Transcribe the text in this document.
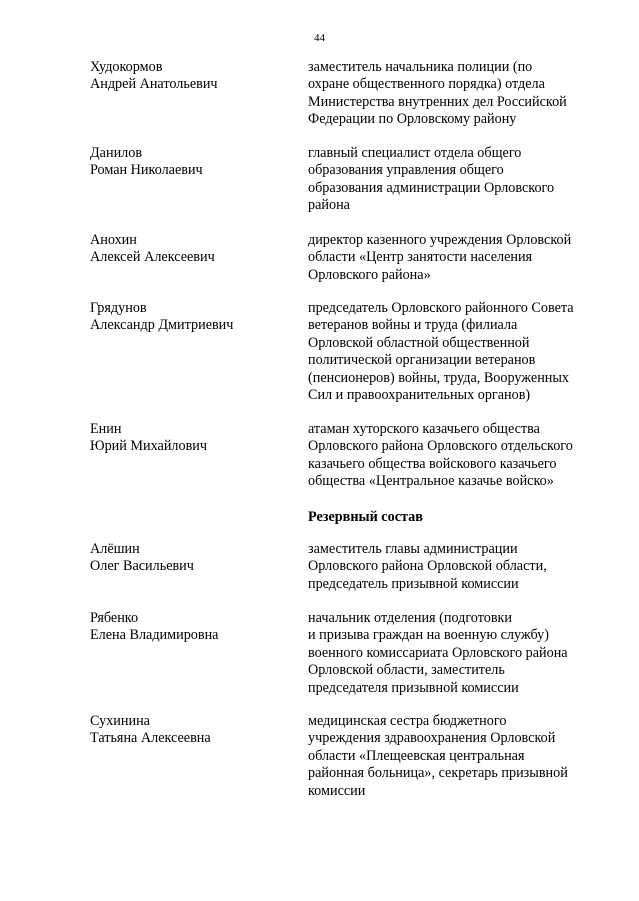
44
Худокормов
Андрей Анатольевич
заместитель начальника полиции (по
охране общественного порядка) отдела
Министерства внутренних дел Российской
Федерации по Орловскому району
Данилов
Роман Николаевич
главный специалист отдела общего
образования управления общего
образования администрации Орловского
района
Анохин
Алексей Алексеевич
директор казенного учреждения Орловской
области «Центр занятости населения
Орловского района»
Грядунов
Александр Дмитриевич
председатель Орловского районного Совета
ветеранов войны и труда (филиала
Орловской областной общественной
политической организации ветеранов
(пенсионеров) войны, труда, Вооруженных
Сил и правоохранительных органов)
Енин
Юрий Михайлович
атаман хуторского казачьего общества
Орловского района Орловского отдельского
казачьего общества войскового казачьего
общества «Центральное казачье войско»
Резервный состав
Алёшин
Олег Васильевич
заместитель главы администрации
Орловского района Орловской области,
председатель призывной комиссии
Рябенко
Елена Владимировна
начальник отделения (подготовки
и призыва граждан на военную службу)
военного комиссариата Орловского района
Орловской области, заместитель
председателя призывной комиссии
Сухинина
Татьяна Алексеевна
медицинская сестра бюджетного
учреждения здравоохранения Орловской
области «Плещеевская центральная
районная больница», секретарь призывной
комиссии
